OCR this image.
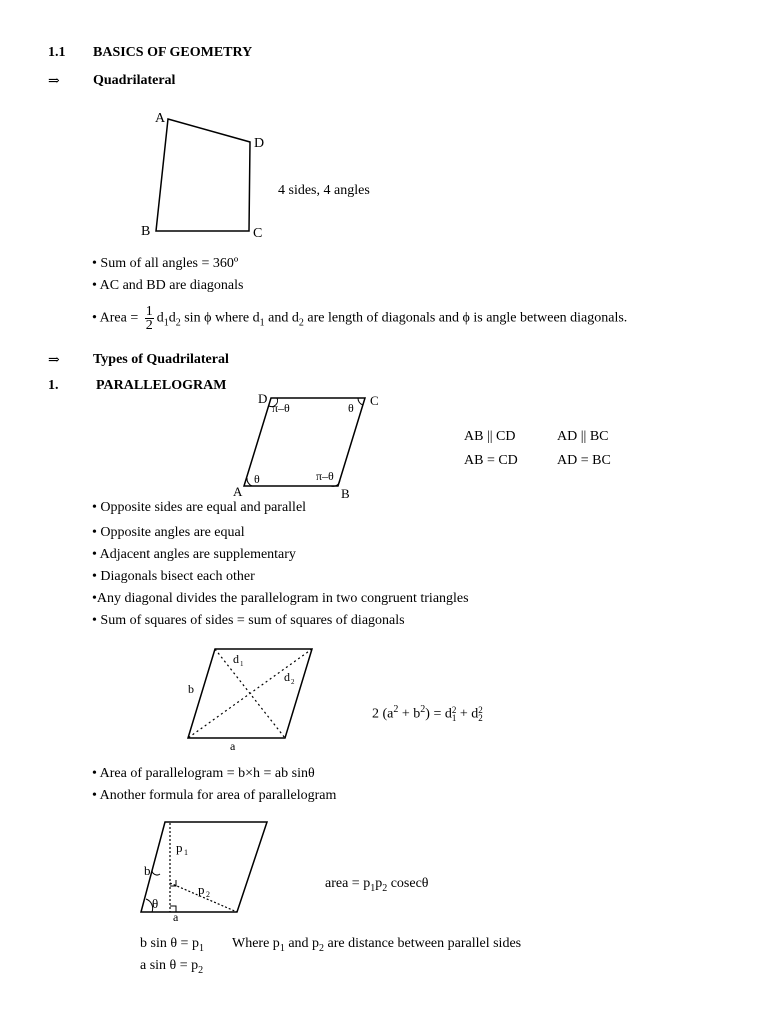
1.1 BASICS OF GEOMETRY
⇒ Quadrilateral
A
B	C
D
4 sides, 4 angles
• Sum of all angles = 360º
• AC and BD are diagonals
• Area = $\frac{1}{2} d_1d_2$ sin ϕ where $d_1$ and $d_2$ are length of diagonals and ϕ is angle between diagonals.
⇒ Types of Quadrilateral
1.	PARALLELOGRAM
D	C
A	B
π–θ	θ
θ	π–θ
AB || CD	AD || BC
AB = CD	AD = BC
• Opposite sides are equal and parallel
• Opposite angles are equal
• Adjacent angles are supplementary
• Diagonals bisect each other
•Any diagonal divides the parallelogram in two congruent triangles
• Sum of squares of sides = sum of squares of diagonals
d 1
d 2
b
a
2 $(a^2 + b^2) = d$ 2
1 + d 2
2
• Area of parallelogram = b×h = ab sinθ
• Another formula for area of parallelogram
p 1
p 2
b
a
θ
area = $p_1p_2$ cosecθ
b $\sin \theta = p_1$ Where $p_1$ and $p_2$ are distance between parallel sides
a $\sin \theta = p_2$
